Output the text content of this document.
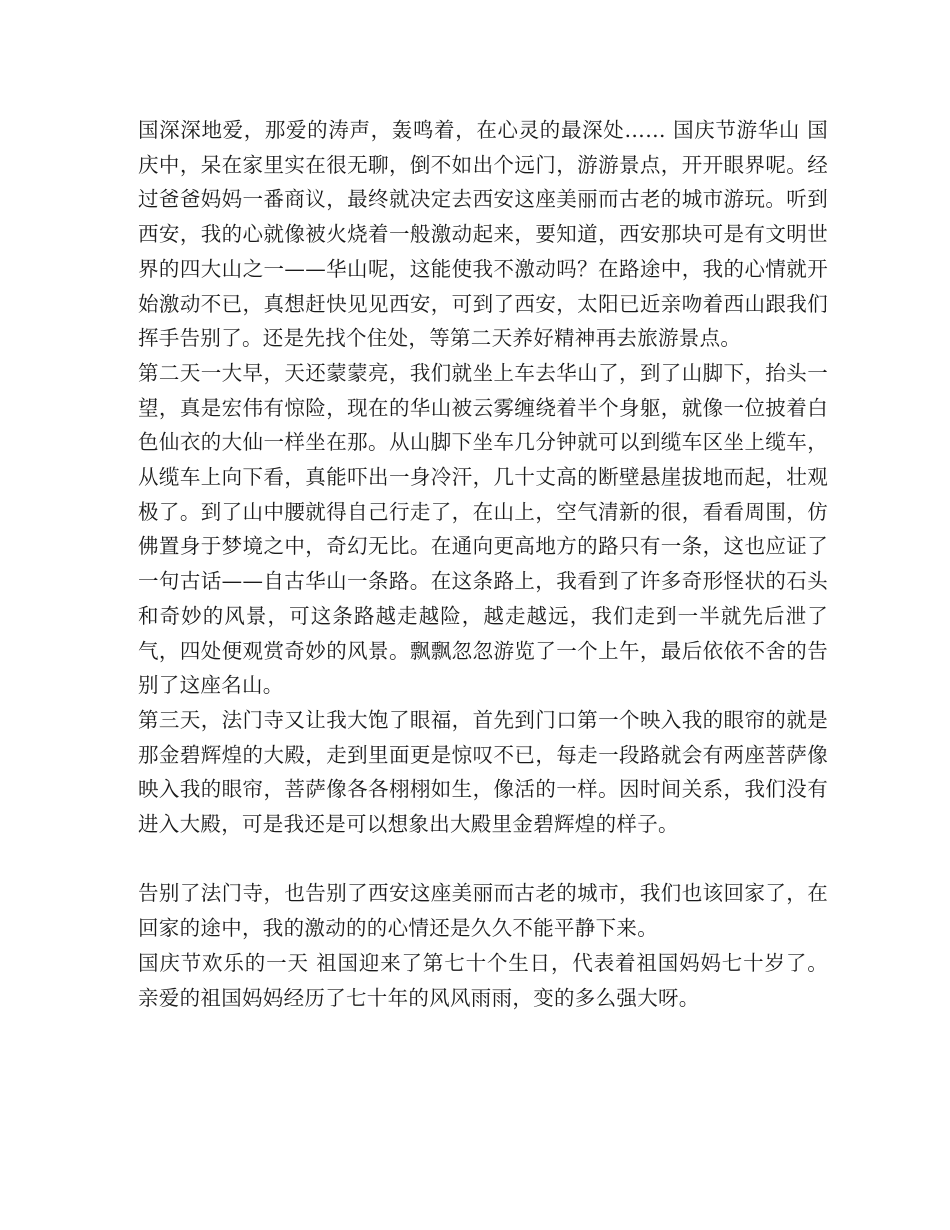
国深深地爱，那爱的涛声，轰鸣着，在心灵的最深处…… 国庆节游华山 国庆中，呆在家里实在很无聊，倒不如出个远门，游游景点，开开眼界呢。经过爸爸妈妈一番商议，最终就决定去西安这座美丽而古老的城市游玩。听到西安，我的心就像被火烧着一般激动起来，要知道，西安那块可是有文明世界的四大山之一——华山呢，这能使我不激动吗？在路途中，我的心情就开始激动不已，真想赶快见见西安，可到了西安，太阳已近亲吻着西山跟我们挥手告别了。还是先找个住处，等第二天养好精神再去旅游景点。

第二天一大早，天还蒙蒙亮，我们就坐上车去华山了，到了山脚下，抬头一望，真是宏伟有惊险，现在的华山被云雾缠绕着半个身躯，就像一位披着白色仙衣的大仙一样坐在那。从山脚下坐车几分钟就可以到缆车区坐上缆车，从缆车上向下看，真能吓出一身冷汗，几十丈高的断壁悬崖拔地而起，壮观极了。到了山中腰就得自己行走了，在山上，空气清新的很，看看周围，仿佛置身于梦境之中，奇幻无比。在通向更高地方的路只有一条，这也应证了一句古话——自古华山一条路。在这条路上，我看到了许多奇形怪状的石头和奇妙的风景，可这条路越走越险，越走越远，我们走到一半就先后泄了气，四处便观赏奇妙的风景。飘飘忽忽游览了一个上午，最后依依不舍的告别了这座名山。

第三天，法门寺又让我大饱了眼福，首先到门口第一个映入我的眼帘的就是那金碧辉煌的大殿，走到里面更是惊叹不已，每走一段路就会有两座菩萨像映入我的眼帘，菩萨像各各栩栩如生，像活的一样。因时间关系，我们没有进入大殿，可是我还是可以想象出大殿里金碧辉煌的样子。

告别了法门寺，也告别了西安这座美丽而古老的城市，我们也该回家了，在回家的途中，我的激动的的心情还是久久不能平静下来。

国庆节欢乐的一天 祖国迎来了第七十个生日，代表着祖国妈妈七十岁了。亲爱的祖国妈妈经历了七十年的风风雨雨，变的多么强大呀。
